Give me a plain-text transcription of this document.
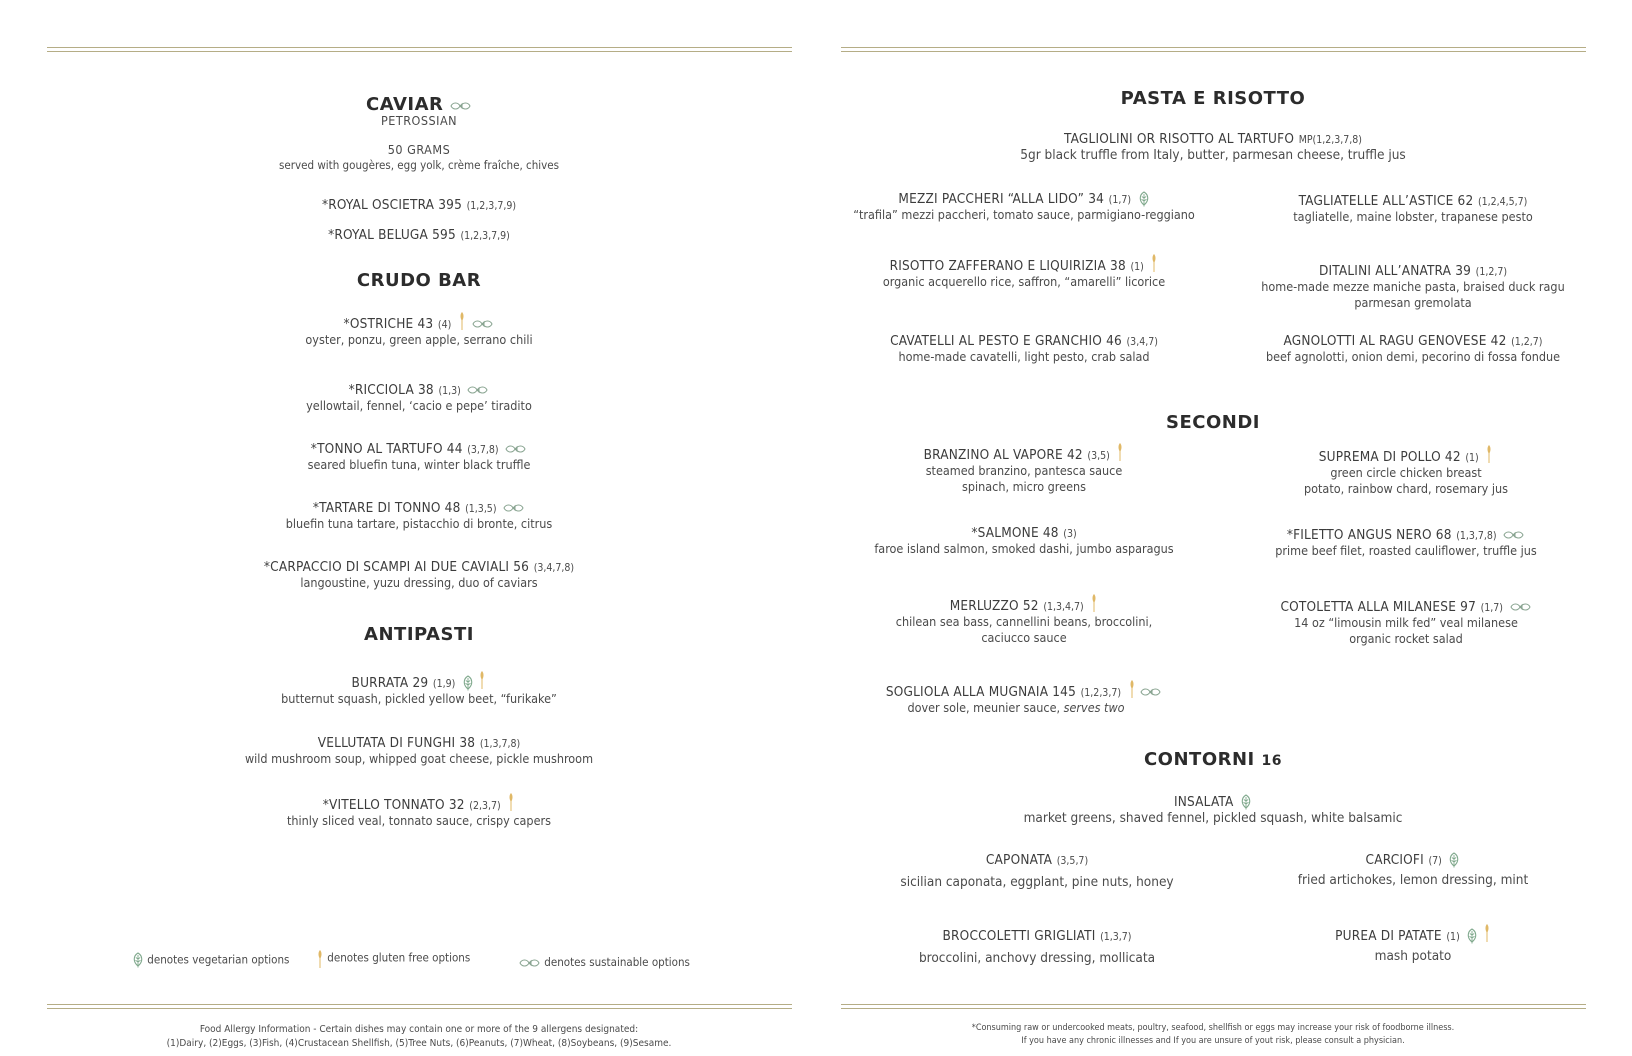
CAVIAR
PETROSSIAN
50 GRAMS
served with gougères, egg yolk, crème fraîche, chives
*ROYAL OSCIETRA 395 (1,2,3,7,9)
*ROYAL BELUGA 595 (1,2,3,7,9)
CRUDO BAR
*OSTRICHE 43 (4)
oyster, ponzu, green apple, serrano chili
*RICCIOLA 38 (1,3)
yellowtail, fennel, ‘cacio e pepe’ tiradito
*TONNO AL TARTUFO 44 (3,7,8)
seared bluefin tuna, winter black truffle
*TARTARE DI TONNO 48 (1,3,5)
bluefin tuna tartare, pistacchio di bronte, citrus
*CARPACCIO DI SCAMPI AI DUE CAVIALI 56 (3,4,7,8)
langoustine, yuzu dressing, duo of caviars
ANTIPASTI
BURRATA 29 (1,9)
butternut squash, pickled yellow beet, “furikake”
VELLUTATA DI FUNGHI 38 (1,3,7,8)
wild mushroom soup, whipped goat cheese, pickle mushroom
*VITELLO TONNATO 32 (2,3,7)
thinly sliced veal, tonnato sauce, crispy capers
denotes vegetarian options	denotes gluten free options	denotes sustainable options
Food Allergy Information - Certain dishes may contain one or more of the 9 allergens designated:
(1)Dairy, (2)Eggs, (3)Fish, (4)Crustacean Shellfish, (5)Tree Nuts, (6)Peanuts, (7)Wheat, (8)Soybeans, (9)Sesame.
PASTA E RISOTTO
TAGLIOLINI OR RISOTTO AL TARTUFO MP(1,2,3,7,8)
5gr black truffle from Italy, butter, parmesan cheese, truffle jus
MEZZI PACCHERI “ALLA LIDO” 34 (1,7)
“trafila” mezzi paccheri, tomato sauce, parmigiano-reggiano
TAGLIATELLE ALL’ASTICE 62 (1,2,4,5,7)
tagliatelle, maine lobster, trapanese pesto
RISOTTO ZAFFERANO E LIQUIRIZIA 38 (1)
organic acquerello rice, saffron, “amarelli” licorice
DITALINI ALL’ANATRA 39 (1,2,7)
home-made mezze maniche pasta, braised duck ragu
parmesan gremolata
CAVATELLI AL PESTO E GRANCHIO 46 (3,4,7)
home-made cavatelli, light pesto, crab salad
AGNOLOTTI AL RAGU GENOVESE 42 (1,2,7)
beef agnolotti, onion demi, pecorino di fossa fondue
SECONDI
BRANZINO AL VAPORE 42 (3,5)
steamed branzino, pantesca sauce
spinach, micro greens
SUPREMA DI POLLO 42 (1)
green circle chicken breast
potato, rainbow chard, rosemary jus
*SALMONE 48 (3)
faroe island salmon, smoked dashi, jumbo asparagus
*FILETTO ANGUS NERO 68 (1,3,7,8)
prime beef filet, roasted cauliflower, truffle jus
MERLUZZO 52 (1,3,4,7)
chilean sea bass, cannellini beans, broccolini,
caciucco sauce
COTOLETTA ALLA MILANESE 97 (1,7)
14 oz “limousin milk fed” veal milanese
organic rocket salad
SOGLIOLA ALLA MUGNAIA 145 (1,2,3,7)
dover sole, meunier sauce, serves two
CONTORNI 16
INSALATA
market greens, shaved fennel, pickled squash, white balsamic
CAPONATA (3,5,7)
sicilian caponata, eggplant, pine nuts, honey
CARCIOFI (7)
fried artichokes, lemon dressing, mint
BROCCOLETTI GRIGLIATI (1,3,7)
broccolini, anchovy dressing, mollicata
PUREA DI PATATE (1)
mash potato
*Consuming raw or undercooked meats, poultry, seafood, shellfish or eggs may increase your risk of foodborne illness.
If you have any chronic illnesses and If you are unsure of yout risk, please consult a physician.
